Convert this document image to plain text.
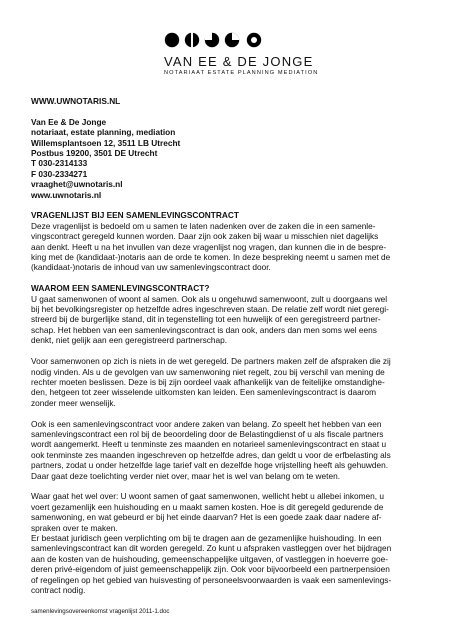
VAN EE & DE JONGE
NOTARIAAT ESTATE PLANNING MEDIATION
WWW.UWNOTARIS.NL
Van Ee & De Jonge
notariaat, estate planning, mediation
Willemsplantsoen 12, 3511 LB Utrecht
Postbus 19200, 3501 DE Utrecht
T 030-2314133
F 030-2334271
vraaghet@uwnotaris.nl
www.uwnotaris.nl
VRAGENLIJST BIJ EEN SAMENLEVINGSCONTRACT
Deze vragenlijst is bedoeld om u samen te laten nadenken over de zaken die in een samenle-
vingscontract geregeld kunnen worden. Daar zijn ook zaken bij waar u misschien niet dagelijks
aan denkt. Heeft u na het invullen van deze vragenlijst nog vragen, dan kunnen die in de bespre-
king met de (kandidaat-)notaris aan de orde te komen. In deze bespreking neemt u samen met de
(kandidaat-)notaris de inhoud van uw samenlevingscontract door.
WAAROM EEN SAMENLEVINGSCONTRACT?
U gaat samenwonen of woont al samen. Ook als u ongehuwd samenwoont, zult u doorgaans wel
bij het bevolkingsregister op hetzelfde adres ingeschreven staan. De relatie zelf wordt niet geregi-
streerd bij de burgerlijke stand, dit in tegenstelling tot een huwelijk of een geregistreerd partner-
schap. Het hebben van een samenlevingscontract is dan ook, anders dan men soms wel eens
denkt, niet gelijk aan een geregistreerd partnerschap.
Voor samenwonen op zich is niets in de wet geregeld. De partners maken zelf de afspraken die zij
nodig vinden. Als u de gevolgen van uw samenwoning niet regelt, zou bij verschil van mening de
rechter moeten beslissen. Deze is bij zijn oordeel vaak afhankelijk van de feitelijke omstandighe-
den, hetgeen tot zeer wisselende uitkomsten kan leiden. Een samenlevingscontract is daarom
zonder meer wenselijk.
Ook is een samenlevingscontract voor andere zaken van belang. Zo speelt het hebben van een
samenlevingscontract een rol bij de beoordeling door de Belastingdienst of u als fiscale partners
wordt aangemerkt. Heeft u tenminste zes maanden en notarieel samenlevingscontract en staat u
ook tenminste zes maanden ingeschreven op hetzelfde adres, dan geldt u voor de erfbelasting als
partners, zodat u onder hetzelfde lage tarief valt en dezelfde hoge vrijstelling heeft als gehuwden.
Daar gaat deze toelichting verder niet over, maar het is wel van belang om te weten.
Waar gaat het wel over: U woont samen of gaat samenwonen, wellicht hebt u allebei inkomen, u
voert gezamenlijk een huishouding en u maakt samen kosten. Hoe is dit geregeld gedurende de
samenwoning, en wat gebeurd er bij het einde daarvan? Het is een goede zaak daar nadere af-
spraken over te maken.
Er bestaat juridisch geen verplichting om bij te dragen aan de gezamenlijke huishouding. In een
samenlevingscontract kan dit worden geregeld. Zo kunt u afspraken vastleggen over het bijdragen
aan de kosten van de huishouding, gemeenschappelijke uitgaven, of vastleggen in hoeverre goe-
deren privé-eigendom of juist gemeenschappelijk zijn. Ook voor bijvoorbeeld een partnerpensioen
of regelingen op het gebied van huisvesting of personeelsvoorwaarden is vaak een samenlevings-
contract nodig.
samenlevingsovereenkomst vragenlijst 2011-1.doc
